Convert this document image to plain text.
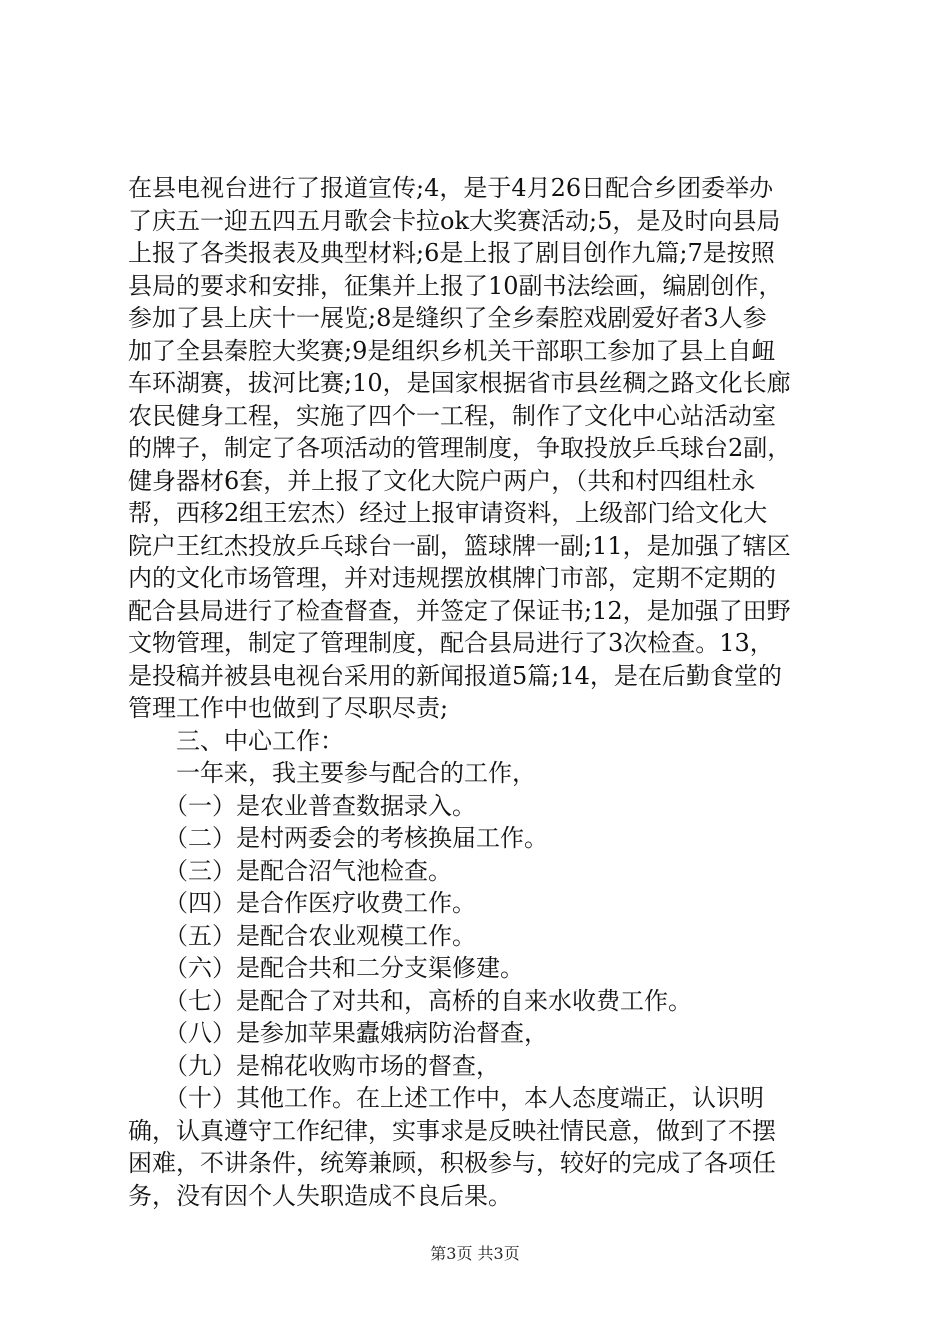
在县电视台进行了报道宣传;4，是于4月26日配合乡团委举办
了庆五一迎五四五月歌会卡拉ok大奖赛活动;5，是及时向县局
上报了各类报表及典型材料;6是上报了剧目创作九篇;7是按照
县局的要求和安排，征集并上报了10副书法绘画，编剧创作，
参加了县上庆十一展览;8是缝织了全乡秦腔戏剧爱好者3人参
加了全县秦腔大奖赛;9是组织乡机关干部职工参加了县上自衄
车环湖赛，拔河比赛;10，是国家根据省市县丝稠之路文化长廊
农民健身工程，实施了四个一工程，制作了文化中心站活动室
的牌子，制定了各项活动的管理制度，争取投放乒乓球台2副，
健身器材6套，并上报了文化大院户两户，（共和村四组杜永
帮，西移2组王宏杰）经过上报审请资料，上级部门给文化大
院户王红杰投放乒乓球台一副，篮球牌一副;11，是加强了辖区
内的文化市场管理，并对违规摆放棋牌门市部，定期不定期的
配合县局进行了检查督查，并签定了保证书;12，是加强了田野
文物管理，制定了管理制度，配合县局进行了3次检查。13，
是投稿并被县电视台采用的新闻报道5篇;14，是在后勤食堂的
管理工作中也做到了尽职尽责;
　　三、中心工作：
　　一年来，我主要参与配合的工作，
　　（一）是农业普查数据录入。
　　（二）是村两委会的考核换届工作。
　　（三）是配合沼气池检查。
　　（四）是合作医疗收费工作。
　　（五）是配合农业观模工作。
　　（六）是配合共和二分支渠修建。
　　（七）是配合了对共和，高桥的自来水收费工作。
　　（八）是参加苹果蠹娥病防治督查，
　　（九）是棉花收购市场的督查，
　　（十）其他工作。在上述工作中，本人态度端正，认识明
确，认真遵守工作纪律，实事求是反映社情民意，做到了不摆
困难，不讲条件，统筹兼顾，积极参与，较好的完成了各项任
务，没有因个人失职造成不良后果。
第3页 共3页
